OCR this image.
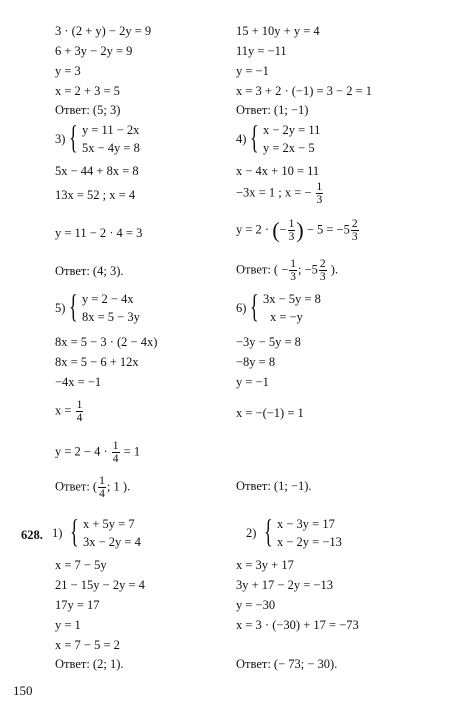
3 · (2 + y) − 2y = 9
6 + 3y − 2y = 9
y = 3
x = 2 + 3 = 5
Ответ: (5; 3)
3) { y = 11 − 2x
5x − 4y = 8
5x − 44 + 8x = 8
13x = 52 ; x = 4
y = 11 − 2 · 4 = 3
Ответ: (4; 3).
5) { y = 2 − 4x
8x = 5 − 3y
8x = 5 − 3 · (2 − 4x)
8x = 5 − 6 + 12x
−4x = −1
$x = \frac{1}{4}$
$y = 2 - 4 \cdot \frac{1}{4} = 1$
Ответ: ( $\frac{1}{4}$ ; 1 ).
15 + 10y + y = 4
11y = −11
y = −1
x = 3 + 2 · (−1) = 3 − 2 = 1
Ответ: (1; −1)
4) { x − 2y = 11
y = 2x − 5
x − 4x + 10 = 11
−3x = 1 ; x = − $\frac{1}{3}$
y = 2 · (− $\frac{1}{3}$ ) − $5 = -5 \frac{2}{3}$
Ответ: ( − $\frac{1}{3}$ ; $-5 \frac{2}{3}$ ).
6) { 3x − 5y = 8
x = −y
−3y − 5y = 8
−8y = 8
y = −1
x = −(−1) = 1
Ответ: (1; −1).
628. 1) { x + 5y = 7
3x − 2y = 4
x = 7 − 5y
21 − 15y − 2y = 4
17y = 17
y = 1
x = 7 − 5 = 2
Ответ: (2; 1).
2) { x − 3y = 17
x − 2y = −13
x = 3y + 17
3y + 17 − 2y = −13
y = −30
x = 3 · (−30) + 17 = −73
Ответ: (− 73; − 30).
150
